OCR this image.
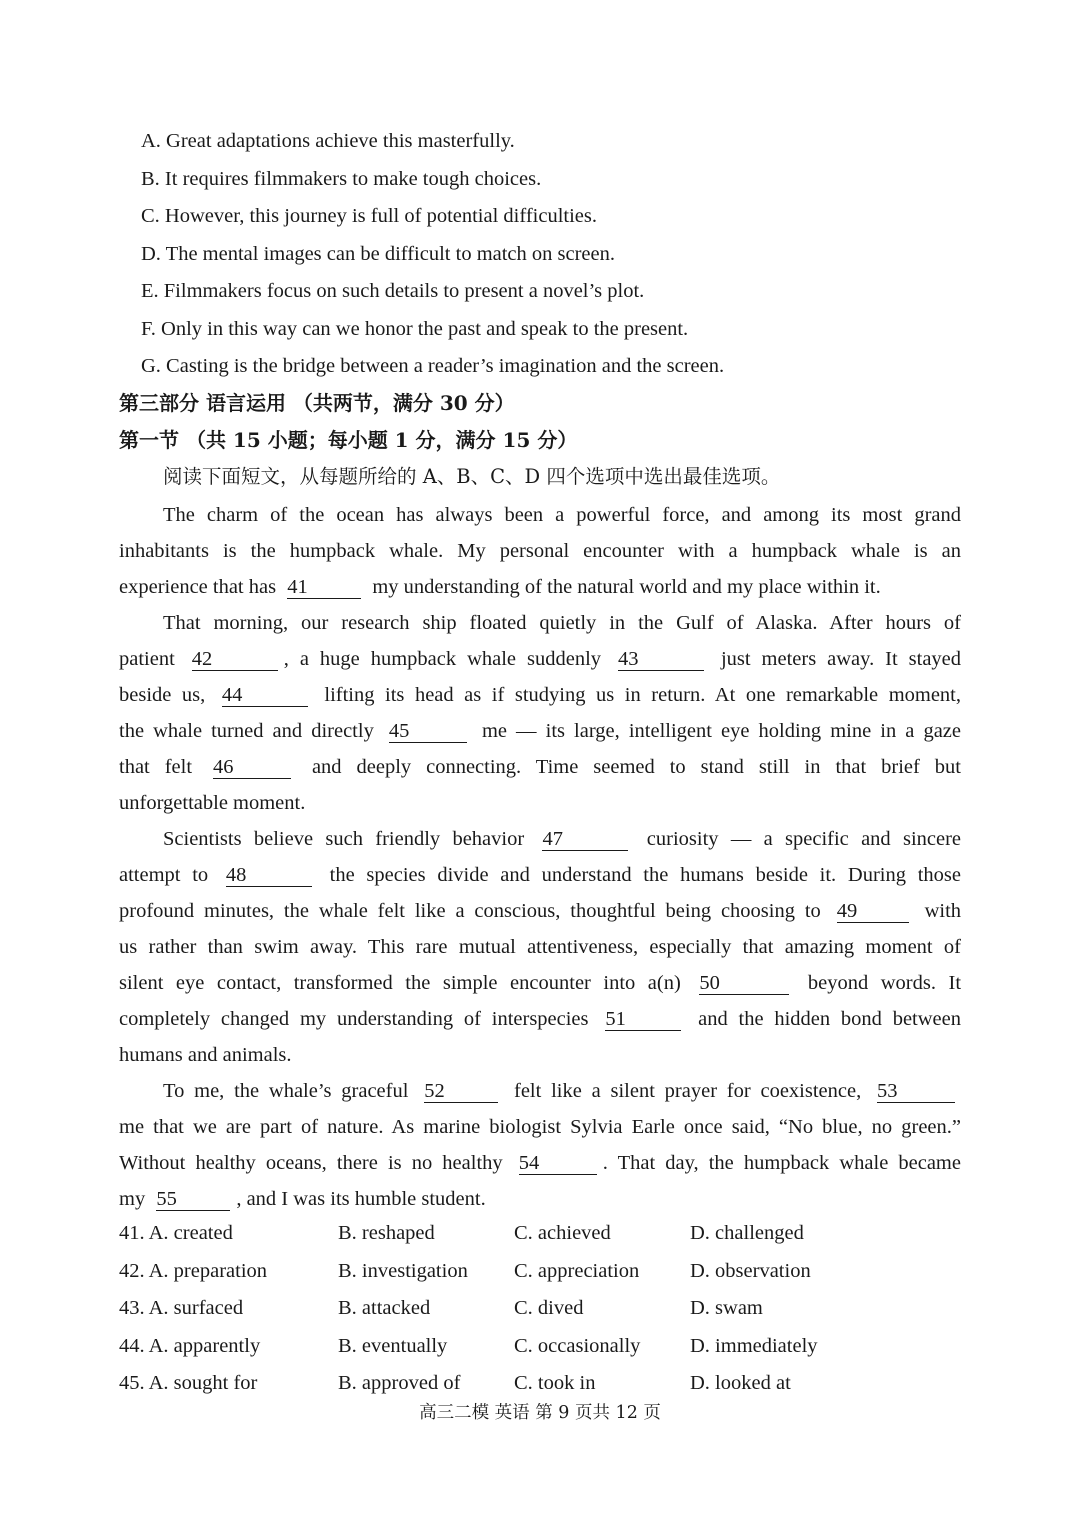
A. Great adaptations achieve this masterfully.
B. It requires filmmakers to make tough choices.
C. However, this journey is full of potential difficulties.
D. The mental images can be difficult to match on screen.
E. Filmmakers focus on such details to present a novel’s plot.
F. Only in this way can we honor the past and speak to the present.
G. Casting is the bridge between a reader’s imagination and the screen.
第三部分 语言运用 （共两节，满分 30 分）
第一节 （共 15 小题；每小题 1 分，满分 15 分）
阅读下面短文，从每题所给的 A、B、C、D 四个选项中选出最佳选项。
The charm of the ocean has always been a powerful force, and among its most grand
inhabitants is the humpback whale. My personal encounter with a humpback whale is an
experience that has 41	my understanding of the natural world and my place within it.
That morning, our research ship floated quietly in the Gulf of Alaska. After hours of
patient 42	, a huge humpback whale suddenly 43	just meters away. It stayed
beside us, 44	lifting its head as if studying us in return. At one remarkable moment,
the whale turned and directly 45	me — its large, intelligent eye holding mine in a gaze
that felt 46	and deeply connecting. Time seemed to stand still in that brief but
unforgettable moment.
Scientists believe such friendly behavior 47	curiosity — a specific and sincere
attempt to 48	the species divide and understand the humans beside it. During those
profound minutes, the whale felt like a conscious, thoughtful being choosing to 49	with
us rather than swim away. This rare mutual attentiveness, especially that amazing moment of
silent eye contact, transformed the simple encounter into a(n) 50	beyond words. It
completely changed my understanding of interspecies 51	and the hidden bond between
humans and animals.
To me, the whale’s graceful 52	felt like a silent prayer for coexistence, 53
me that we are part of nature. As marine biologist Sylvia Earle once said, “No blue, no green.”
Without healthy oceans, there is no healthy 54	. That day, the humpback whale became
my 55	, and I was its humble student.
41. A. created	B. reshaped	C. achieved	D. challenged
42. A. preparation	B. investigation C. appreciation D. observation
43. A. surfaced	B. attacked	C. dived	D. swam
44. A. apparently	B. eventually	C. occasionally D. immediately
45. A. sought for	B. approved of	C. took in	D. looked at
高三二模 英语 第 9 页共 12 页
